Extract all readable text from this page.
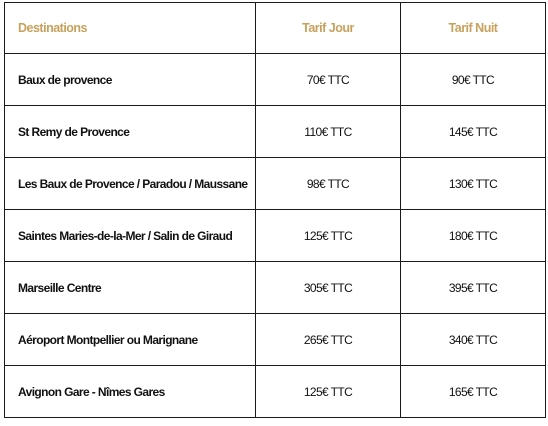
Destinations	Tarif Jour	Tarif Nuit
Baux de provence	70€ TTC	90€ TTC
St Remy de Provence	110€ TTC	145€ TTC
Les Baux de Provence / Paradou / Maussane	98€ TTC	130€ TTC
Saintes Maries-de-la-Mer / Salin de Giraud	125€ TTC	180€ TTC
Marseille Centre	305€ TTC	395€ TTC
Aéroport Montpellier ou Marignane	265€ TTC	340€ TTC
Avignon Gare - Nîmes Gares	125€ TTC	165€ TTC
